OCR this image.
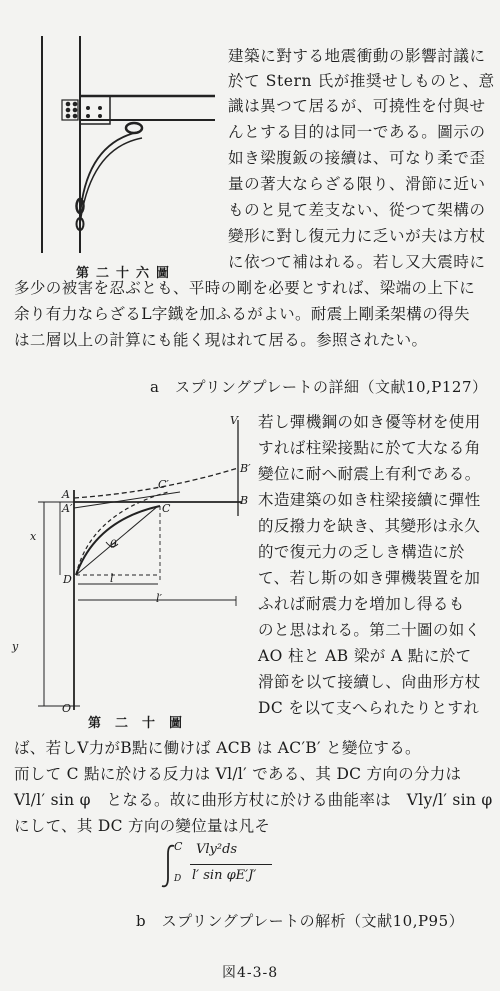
第二十六圖
建築に對する地震衝動の影響討議に
於て Stern 氏が推奨せしものと、意
識は異つて居るが、可撓性を付與せ
んとする目的は同一である。圖示の
如き梁腹鈑の接續は、可なり柔で歪
量の著大ならざる限り、滑節に近い
ものと見て差支ない、從つて架構の
變形に對し復元力に乏いが夫は方杖
に依つて補はれる。若し又大震時に
多少の被害を忍ぶとも、平時の剛を必要とすれば、梁端の上下に
余り有力ならざるL字鐡を加ふるがよい。耐震上剛柔架構の得失
は二層以上の計算にも能く現はれて居る。参照されたい。
a　スプリングプレートの詳細（文献10,P127）
V
B′
B
C′
C
A
A′
θ
x
y
D
O
l
l′
第二十圖
若し彈機鋼の如き優等材を使用
すれば柱梁接點に於て大なる角
變位に耐へ耐震上有利である。
木造建築の如き柱梁接續に彈性
的反撥力を缺き、其變形は永久
的で復元力の乏しき構造に於
て、若し斯の如き彈機裝置を加
ふれば耐震力を増加し得るも
のと思はれる。第二十圖の如く
AO 柱と AB 梁が A 點に於て
滑節を以て接續し、尙曲形方杖
DC を以て支へられたりとすれ
ば、若しV力がB點に働けば ACB は AC′B′ と變位する。
而して C 點に於ける反力は Vl/l′ である、其 DC 方向の分力は
Vl/l′ sin φ　となる。故に曲形方杖に於ける曲能率は　Vly/l′ sin φ
にして、其 DC 方向の變位量は凡そ
C
D
Vly²ds
l′ sin φE′J′
b　スプリングプレートの解析（文献10,P95）
図4-3-8
